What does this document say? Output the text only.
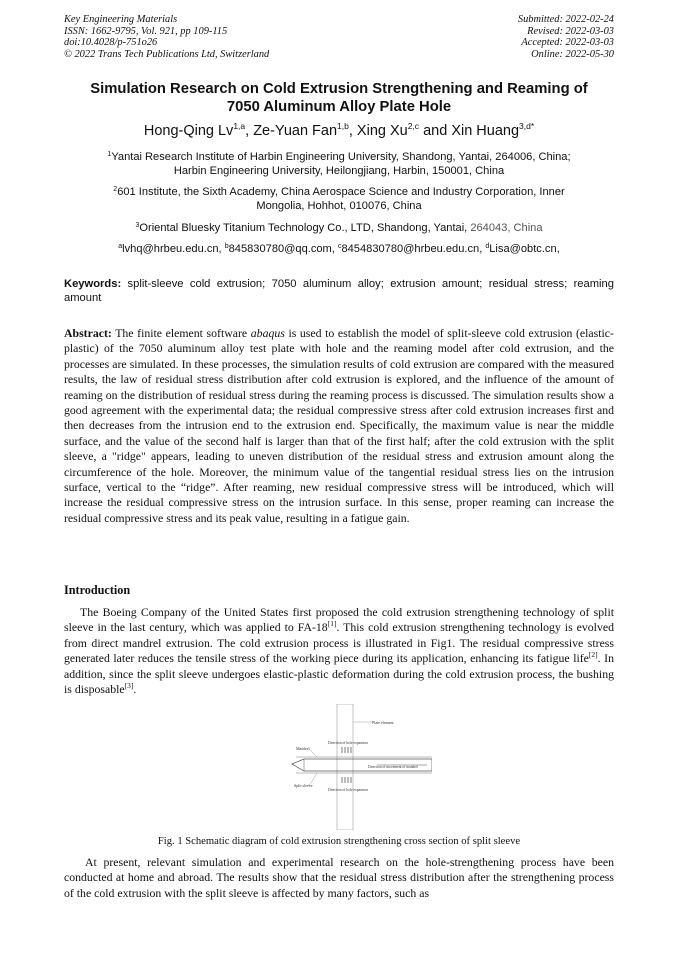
Key Engineering Materials
ISSN: 1662-9795, Vol. 921, pp 109-115
doi:10.4028/p-751o26
© 2022 Trans Tech Publications Ltd, Switzerland
Submitted: 2022-02-24
Revised: 2022-03-03
Accepted: 2022-03-03
Online: 2022-05-30
Simulation Research on Cold Extrusion Strengthening and Reaming of
7050 Aluminum Alloy Plate Hole
Hong-Qing Lv$^{1,a}$, Ze-Yuan Fan$^{1,b}$, Xing Xu$^{2,c}$ and Xin Huang$^{3,d*}$
$^1$Yantai Research Institute of Harbin Engineering University, Shandong, Yantai, 264006, China;
Harbin Engineering University, Heilongjiang, Harbin, 150001, China
$^2$601 Institute, the Sixth Academy, China Aerospace Science and Industry Corporation, Inner
Mongolia, Hohhot, 010076, China
$^3$Oriental Bluesky Titanium Technology Co., LTD, Shandong, Yantai, 264043, China
$^a$lvhq@hrbeu.edu.cn, $^b$845830780@qq.com, $^c$8454830780@hrbeu.edu.cn, $^d$Lisa@obtc.cn,
Keywords: split-sleeve cold extrusion; 7050 aluminum alloy; extrusion amount; residual stress; reaming amount
Abstract: The finite element software abaqus is used to establish the model of split-sleeve cold extrusion (elastic-plastic) of the 7050 aluminum alloy test plate with hole and the reaming model after cold extrusion, and the processes are simulated. In these processes, the simulation results of cold extrusion are compared with the measured results, the law of residual stress distribution after cold extrusion is explored, and the influence of the amount of reaming on the distribution of residual stress during the reaming process is discussed. The simulation results show a good agreement with the experimental data; the residual compressive stress after cold extrusion increases first and then decreases from the intrusion end to the extrusion end. Specifically, the maximum value is near the middle surface, and the value of the second half is larger than that of the first half; after the cold extrusion with the split sleeve, a "ridge" appears, leading to uneven distribution of the residual stress and extrusion amount along the circumference of the hole. Moreover, the minimum value of the tangential residual stress lies on the intrusion surface, vertical to the “ridge”. After reaming, new residual compressive stress will be introduced, which will increase the residual compressive stress on the intrusion surface. In this sense, proper reaming can increase the residual compressive stress and its peak value, resulting in a fatigue gain.
Introduction
The Boeing Company of the United States first proposed the cold extrusion strengthening technology of split sleeve in the last century, which was applied to FA-18[1]. This cold extrusion strengthening technology is evolved from direct mandrel extrusion. The cold extrusion process is illustrated in Fig1. The residual compressive stress generated later reduces the tensile stress of the working piece during its application, enhancing its fatigue life[2]. In addition, since the split sleeve undergoes elastic-plastic deformation during the cold extrusion process, the bushing is disposable[3].
Plate element
Mandrel
Direction of hole expansion
Direction of movement of mandrel
Split sleeve
Direction of hole expansion
Fig. 1 Schematic diagram of cold extrusion strengthening cross section of split sleeve
At present, relevant simulation and experimental research on the hole-strengthening process have been conducted at home and abroad. The results show that the residual stress distribution after the strengthening process of the cold extrusion with the split sleeve is affected by many factors, such as
